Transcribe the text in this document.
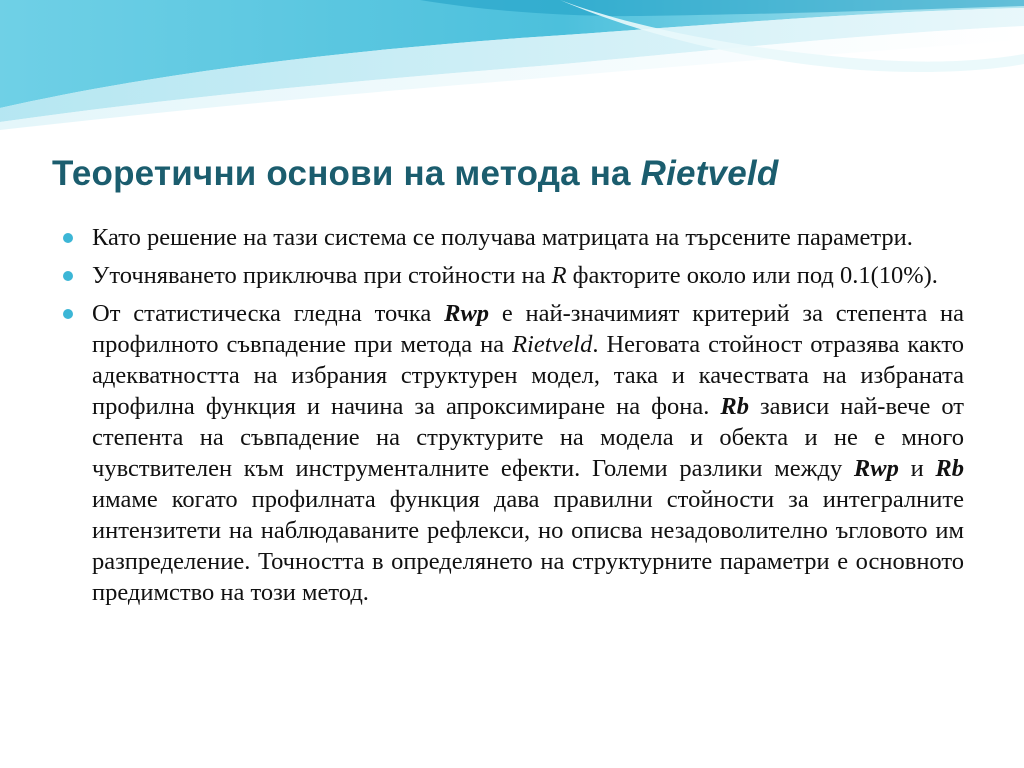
Теоретични основи на метода на Rietveld
Като решение на тази система се получава матрицата на търсените параметри.
Уточняването приключва при стойности на R факторите около или под 0.1(10%).
От статистическа гледна точка Rwp е най-значимият критерий за степента на профилното съвпадение при метода на Rietveld. Неговата стойност отразява както адекватността на избрания структурен модел, така и качествата на избраната профилна функция и начина за апроксимиране на фона. Rb зависи най-вече от степента на съвпадение на структурите на модела и обекта и не е много чувствителен към инструменталните ефекти. Големи разлики между Rwp и Rb имаме когато профилната функция дава правилни стойности за интегралните интензитети на наблюдаваните рефлекси, но описва незадоволително ъгловото им разпределение. Точността в определянето на структурните параметри е основното предимство на този метод.
